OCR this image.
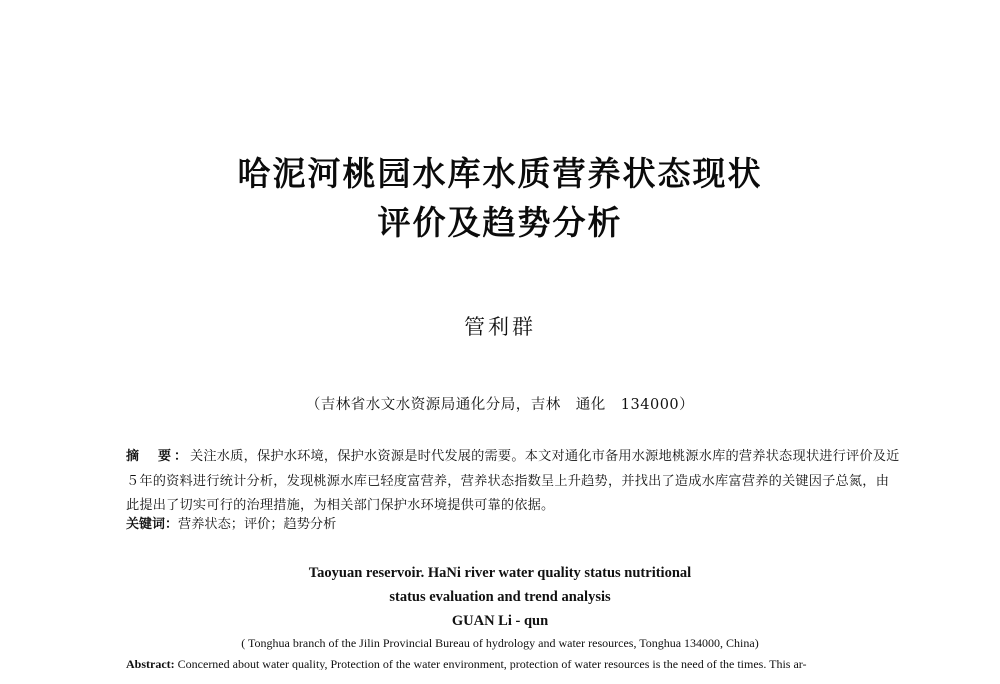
哈泥河桃园水库水质营养状态现状
评价及趋势分析
管利群
（吉林省水文水资源局通化分局，吉林　通化　134000）
摘　要：关注水质，保护水环境，保护水资源是时代发展的需要。本文对通化市备用水源地桃源水库的营养状态现状进行评价及近５年的资料进行统计分析，发现桃源水库已轻度富营养，营养状态指数呈上升趋势，并找出了造成水库富营养的关键因子总氮，由此提出了切实可行的治理措施，为相关部门保护水环境提供可靠的依据。
关键词：营养状态；评价；趋势分析
Taoyuan reservoir. HaNi river water quality status nutritional
status evaluation and trend analysis
GUAN Li - qun
( Tonghua branch of the Jilin Provincial Bureau of hydrology and water resources, Tonghua 134000, China)
Abstract: Concerned about water quality, Protection of the water environment, protection of water resources is the need of the times. This ar-
